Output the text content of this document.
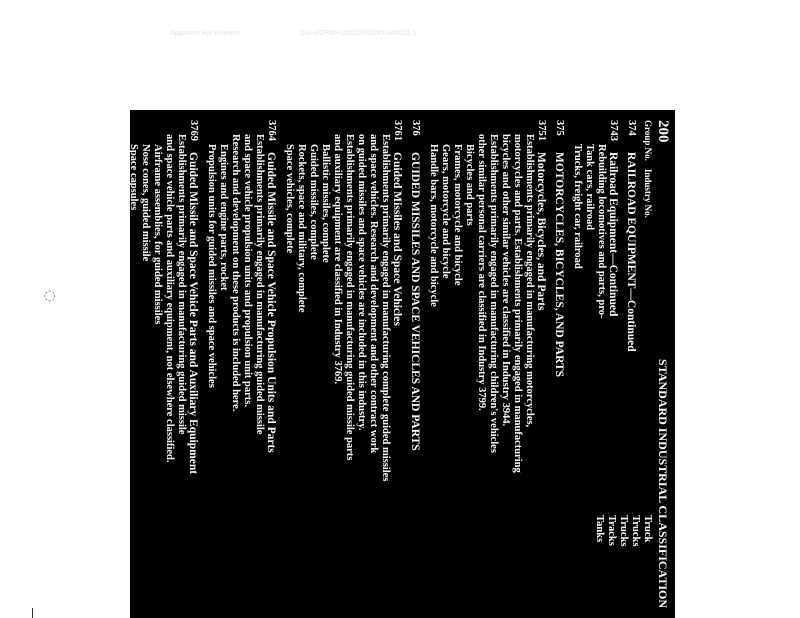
Approved For Release	CIA-RDP80-01601R000300340001-1
◌
200
STANDARD INDUSTRIAL CLASSIFICATION
Group No.
Industry No.
374
RAILROAD EQUIPMENT—Continued
3743
Railroad Equipment—Continued
Rebuilding locomotives and parts, pro-
Tank cars, railroad
Trucks, freight car, railroad
375
MOTORCYCLES, BICYCLES, AND PARTS
3751
Motorcycles, Bicycles, and Parts
Establishments primarily engaged in manufacturing motorcycles,
motorcycles and parts. Establishments primarily engaged in manufacturing
bicycles and other similar vehicles are classified in Industry 3944.
Establishments primarily engaged in manufacturing children's vehicles
other similar personal carriers are classified in Industry 3799.
Bicycles and parts
Frames, motorcycle and bicycle
Gears, motorcycle and bicycle
Handle bars, motorcycle and bicycle
376
GUIDED MISSILES AND SPACE VEHICLES AND PARTS
3761
Guided Missiles and Space Vehicles
Establishments primarily engaged in manufacturing complete guided missiles
and space vehicles. Research and development and other contract work
on guided missiles and space vehicles are included in this industry.
Establishments primarily engaged in manufacturing guided missile parts
and auxiliary equipment are classified in Industry 3769.
Ballistic missiles, complete
Guided missiles, complete
Rockets, space and military, complete
Space vehicles, complete
3764
Guided Missile and Space Vehicle Propulsion Units and Parts
Establishments primarily engaged in manufacturing guided missile
and space vehicle propulsion units and propulsion unit parts.
Research and development on these products is included here.
Engines and engine parts, rocket
Propulsion units for guided missiles and space vehicles
3769
Guided Missile and Space Vehicle Parts and Auxiliary Equipment
Establishments primarily engaged in manufacturing guided missile
and space vehicle parts and auxiliary equipment, not elsewhere classified.
Airframe assemblies, for guided missiles
Nose cones, guided missile
Space capsules
Boosters, guided missile
Truck
Trucks
Trucks
Tracks
Tanks
